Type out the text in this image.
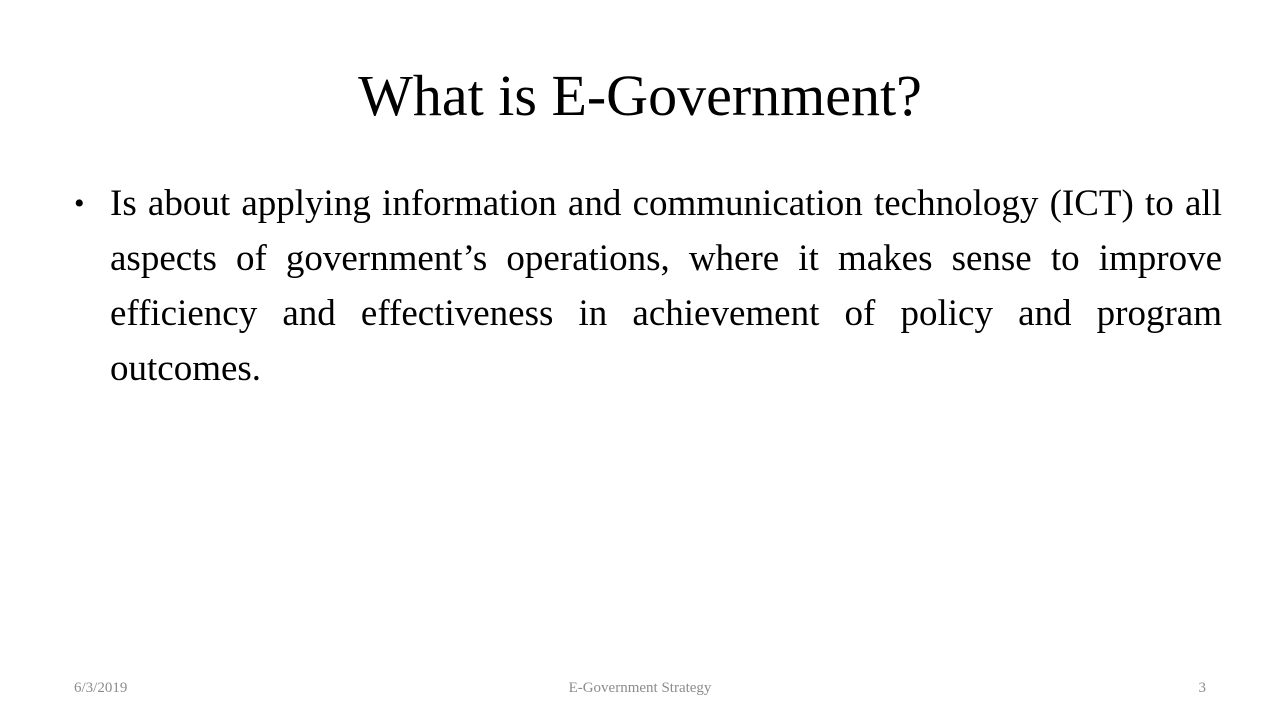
What is E-Government?
• Is about applying information and communication technology (ICT) to all aspects of government’s operations, where it makes sense to improve efficiency and effectiveness in achievement of policy and program outcomes.
6/3/2019	E-Government Strategy	3
